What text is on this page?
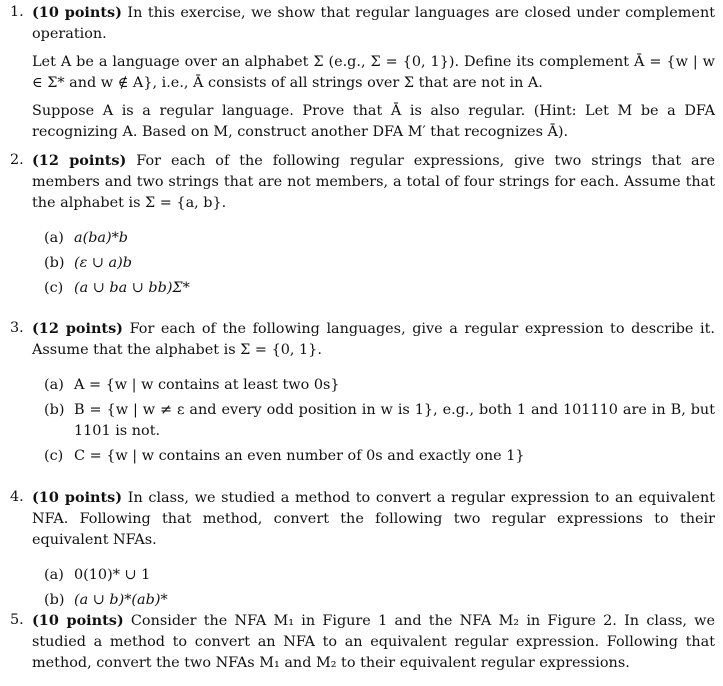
1. (10 points) In this exercise, we show that regular languages are closed under complement operation.

Let A be a language over an alphabet Σ (e.g., Σ = {0, 1}). Define its complement Ā = {w | w ∈ Σ* and w ∉ A}, i.e., Ā consists of all strings over Σ that are not in A.

Suppose A is a regular language. Prove that Ā is also regular. (Hint: Let M be a DFA recognizing A. Based on M, construct another DFA M′ that recognizes Ā).

2. (12 points) For each of the following regular expressions, give two strings that are members and two strings that are not members, a total of four strings for each. Assume that the alphabet is Σ = {a, b}.

(a) a(ba)*b
(b) (ε ∪ a)b
(c) (a ∪ ba ∪ bb)Σ*
3. (12 points) For each of the following languages, give a regular expression to describe it. Assume that the alphabet is Σ = {0, 1}.

(a) A = {w | w contains at least two 0s}
(b) B = {w | w ≠ ε and every odd position in w is 1}, e.g., both 1 and 101110 are in B, but 1101 is not.
(c) C = {w | w contains an even number of 0s and exactly one 1}
4. (10 points) In class, we studied a method to convert a regular expression to an equivalent NFA. Following that method, convert the following two regular expressions to their equivalent NFAs.

(a) 0(10)* ∪ 1
(b) (a ∪ b)*(ab)*
5. (10 points) Consider the NFA M₁ in Figure 1 and the NFA M₂ in Figure 2. In class, we studied a method to convert an NFA to an equivalent regular expression. Following that method, convert the two NFAs M₁ and M₂ to their equivalent regular expressions.
